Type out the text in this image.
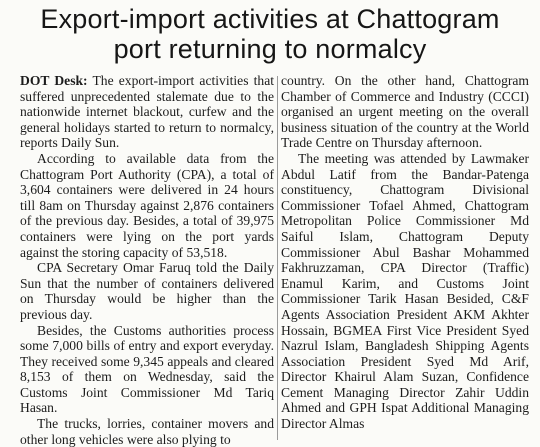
Export-import activities at Chattogram
port returning to normalcy

DOT Desk: The export-import activities that suffered unprecedented stalemate due to the nationwide internet blackout, curfew and the general holidays started to return to normalcy, reports Daily Sun.

According to available data from the Chattogram Port Authority (CPA), a total of 3,604 containers were delivered in 24 hours till 8am on Thursday against 2,876 containers of the previous day. Besides, a total of 39,975 containers were lying on the port yards against the storing capacity of 53,518.

CPA Secretary Omar Faruq told the Daily Sun that the number of containers delivered on Thursday would be higher than the previous day.

Besides, the Customs authorities process some 7,000 bills of entry and export everyday. They received some 9,345 appeals and cleared 8,153 of them on Wednesday, said the Customs Joint Commissioner Md Tariq Hasan.

The trucks, lorries, container movers and other long vehicles were also plying to

country. On the other hand, Chattogram Chamber of Commerce and Industry (CCCI) organised an urgent meeting on the overall business situation of the country at the World Trade Centre on Thursday afternoon.

The meeting was attended by Lawmaker Abdul Latif from the Bandar-Patenga constituency, Chattogram Divisional Commissioner Tofael Ahmed, Chattogram Metropolitan Police Commissioner Md Saiful Islam, Chattogram Deputy Commissioner Abul Bashar Mohammed Fakhruzzaman, CPA Director (Traffic) Enamul Karim, and Customs Joint Commissioner Tarik Hasan Besided, C&F Agents Association President AKM Akhter Hossain, BGMEA First Vice President Syed Nazrul Islam, Bangladesh Shipping Agents Association President Syed Md Arif, Director Khairul Alam Suzan, Confidence Cement Managing Director Zahir Uddin Ahmed and GPH Ispat Additional Managing Director Almas
